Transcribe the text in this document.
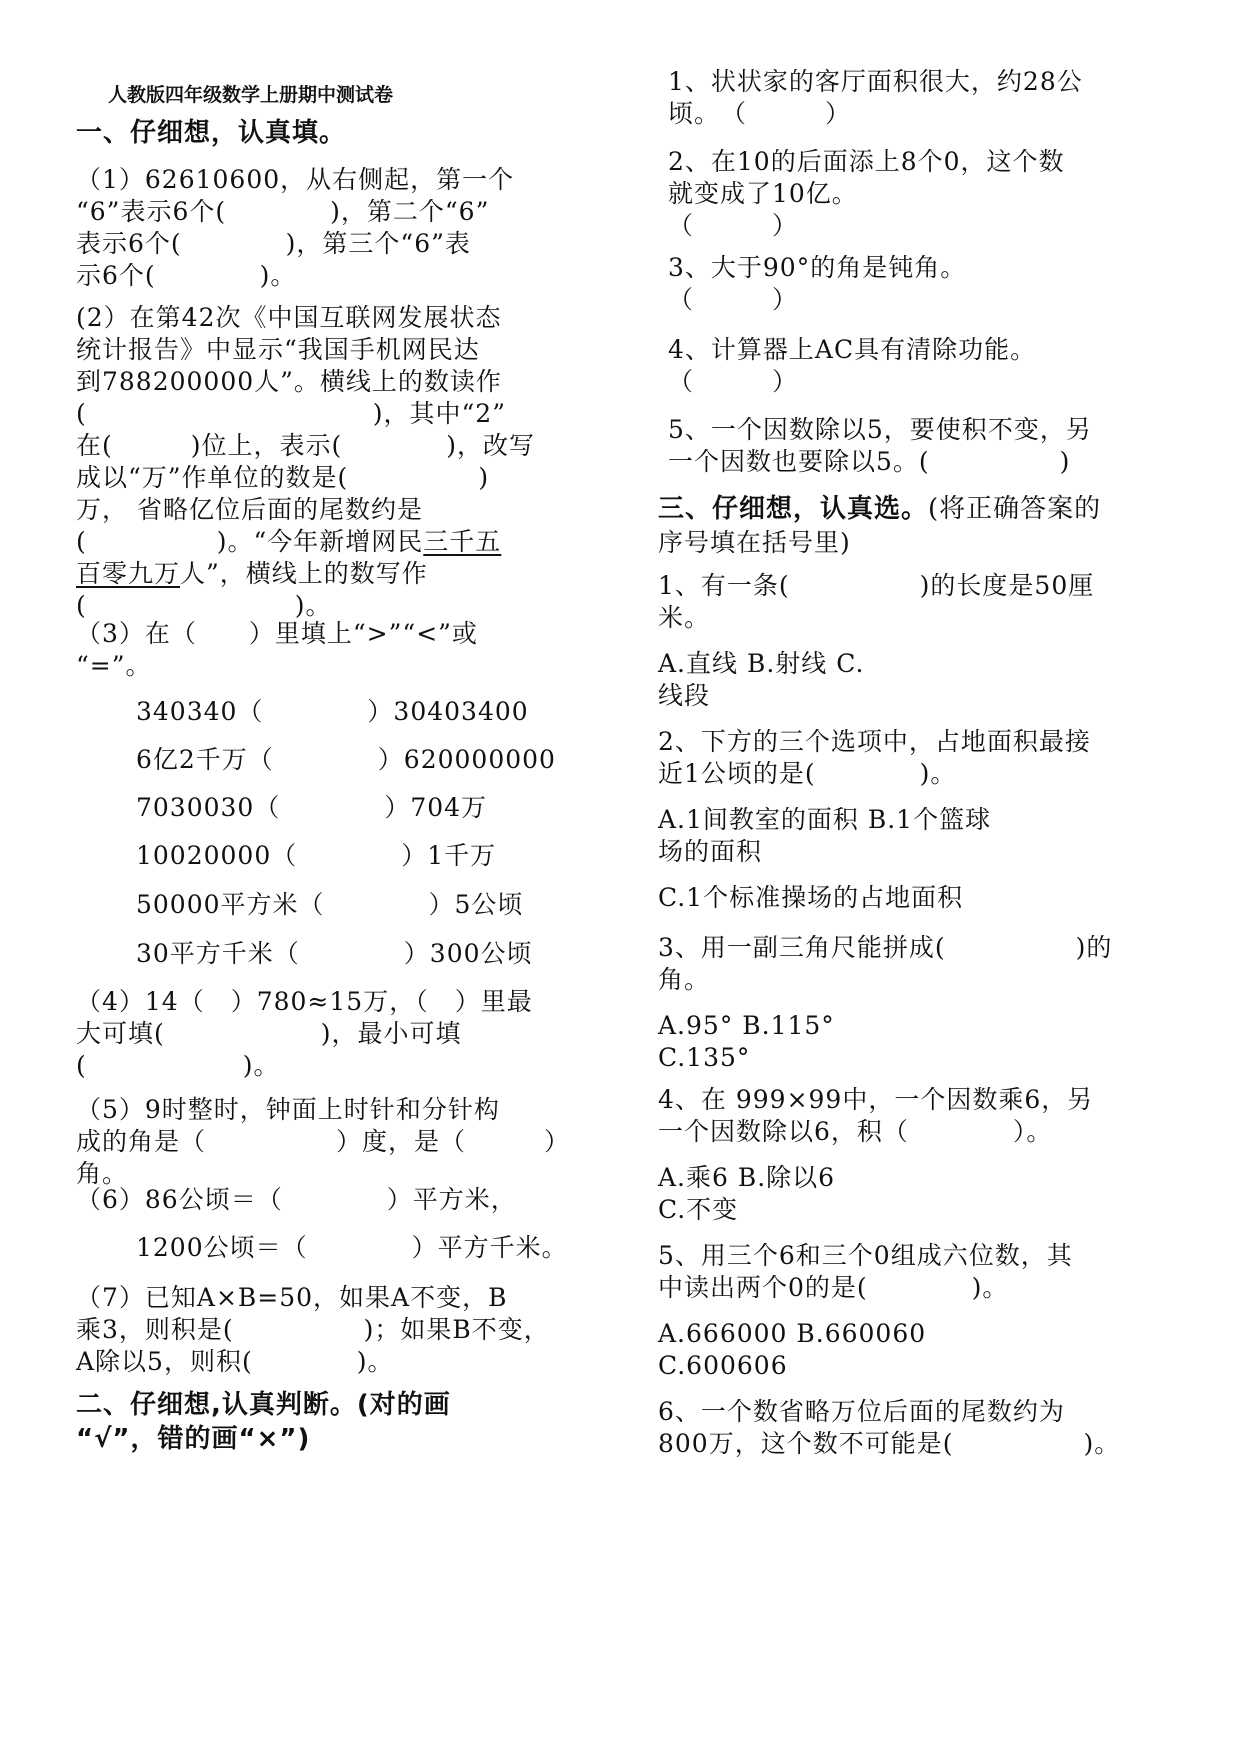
人教版四年级数学上册期中测试卷
一、仔细想，认真填。
（1）62610600，从右侧起，第一个
“6”表示6个(　　　　)，第二个“6”
表示6个(　　　　)，第三个“6”表
示6个(　　　　)。
(2）在第42次《中国互联网发展状态
统计报告》中显示“我国手机网民达
到788200000人”。横线上的数读作
(　　　　　　　　　　　)，其中“2”
在(　　　)位上，表示(　　　　)，改写
成以“万”作单位的数是(　　　　　)
万， 省略亿位后面的尾数约是
(　　　　　)。“今年新增网民三千五
百零九万人”，横线上的数写作
(　　　　　　　　)。
（3）在（　　）里填上“>”“<”或
“=”。
340340（　　　　）30403400
6亿2千万（　　　　）620000000
7030030（　　　　）704万
10020000（　　　　）1千万
50000平方米（　　　　）5公顷
30平方千米（　　　　）300公顷
（4）14（　）780≈15万，（　）里最
大可填(　　　　　　)，最小可填
(　　　　　　)。
（5）9时整时，钟面上时针和分针构
成的角是（　　　　　）度，是（　　　）
角。
（6）86公顷＝（　　　　）平方米，
1200公顷＝（　　　　）平方千米。
（7）已知A×B=50，如果A不变，B
乘3，则积是(　　　　　)；如果B不变，
A除以5，则积(　　　　)。
二、仔细想,认真判断。(对的画
“√”，错的画“×”)
1、状状家的客厅面积很大，约28公
顷。　（　　　）
2、在10的后面添上8个0，这个数
就变成了10亿。
（　　　）
3、大于90°的角是钝角。
（　　　）
4、计算器上AC具有清除功能。
（　　　）
5、一个因数除以5，要使积不变，另
一个因数也要除以5。(　　　　　)
三、仔细想，认真选。(将正确答案的
序号填在括号里)
1、有一条(　　　　　)的长度是50厘
米。
A.直线 B.射线 C.
线段
2、下方的三个选项中，占地面积最接
近1公顷的是(　　　　)。
A.1间教室的面积 B.1个篮球
场的面积
C.1个标准操场的占地面积
3、用一副三角尺能拼成(　　　　　)的
角。
A.95° B.115°
C.135°
4、在 999×99中，一个因数乘6，另
一个因数除以6，积（　　　　）。
A.乘6 B.除以6
C.不变
5、用三个6和三个0组成六位数，其
中读出两个0的是(　　　　)。
A.666000 B.660060
C.600606
6、一个数省略万位后面的尾数约为
800万，这个数不可能是(　　　　　)。
